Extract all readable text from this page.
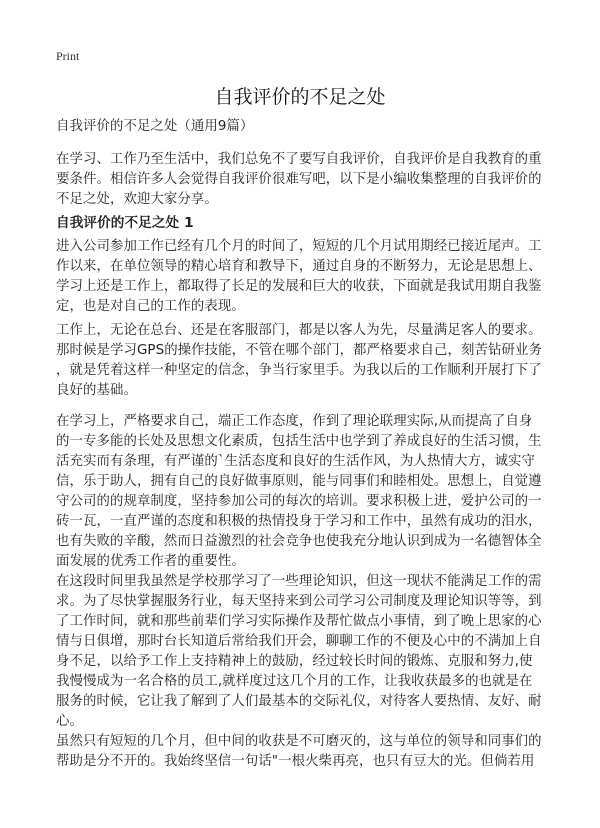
Print
自我评价的不足之处
自我评价的不足之处（通用9篇）
在学习、工作乃至生活中，我们总免不了要写自我评价，自我评价是自我教育的重
要条件。相信许多人会觉得自我评价很难写吧，以下是小编收集整理的自我评价的
不足之处，欢迎大家分享。
自我评价的不足之处 1
进入公司参加工作已经有几个月的时间了，短短的几个月试用期经已接近尾声。工
作以来，在单位领导的精心培育和教导下，通过自身的不断努力，无论是思想上、
学习上还是工作上，都取得了长足的发展和巨大的收获，下面就是我试用期自我鉴
定，也是对自己的工作的表现。
工作上，无论在总台、还是在客服部门，都是以客人为先，尽量满足客人的要求。
那时候是学习GPS的操作技能，不管在哪个部门，都严格要求自己，刻苦钻研业务
，就是凭着这样一种坚定的信念，争当行家里手。为我以后的工作顺利开展打下了
良好的基础。
在学习上，严格要求自己，端正工作态度，作到了理论联理实际,从而提高了自身
的一专多能的长处及思想文化素质，包括生活中也学到了养成良好的生活习惯，生
活充实而有条理，有严谨的`生活态度和良好的生活作风，为人热情大方，诚实守
信，乐于助人，拥有自己的良好做事原则，能与同事们和睦相处。思想上，自觉遵
守公司的的规章制度，坚持参加公司的每次的培训。要求积极上进，爱护公司的一
砖一瓦，一直严谨的态度和积极的热情投身于学习和工作中，虽然有成功的泪水，
也有失败的辛酸，然而日益激烈的社会竞争也使我充分地认识到成为一名德智体全
面发展的优秀工作者的重要性。
在这段时间里我虽然是学校那学习了一些理论知识，但这一现状不能满足工作的需
求。为了尽快掌握服务行业，每天坚持来到公司学习公司制度及理论知识等等，到
了工作时间，就和那些前辈们学习实际操作及帮忙做点小事情，到了晚上思家的心
情与日俱增，那时台长知道后常给我们开会，聊聊工作的不便及心中的不满加上自
身不足，以给予工作上支持精神上的鼓励，经过较长时间的锻炼、克服和努力,使
我慢慢成为一名合格的员工,就样度过这几个月的工作，让我收获最多的也就是在
服务的时候，它让我了解到了人们最基本的交际礼仪，对待客人要热情、友好、耐
心。
虽然只有短短的几个月，但中间的收获是不可磨灭的，这与单位的领导和同事们的
帮助是分不开的。我始终坚信一句话"一根火柴再亮，也只有豆大的光。但倘若用
